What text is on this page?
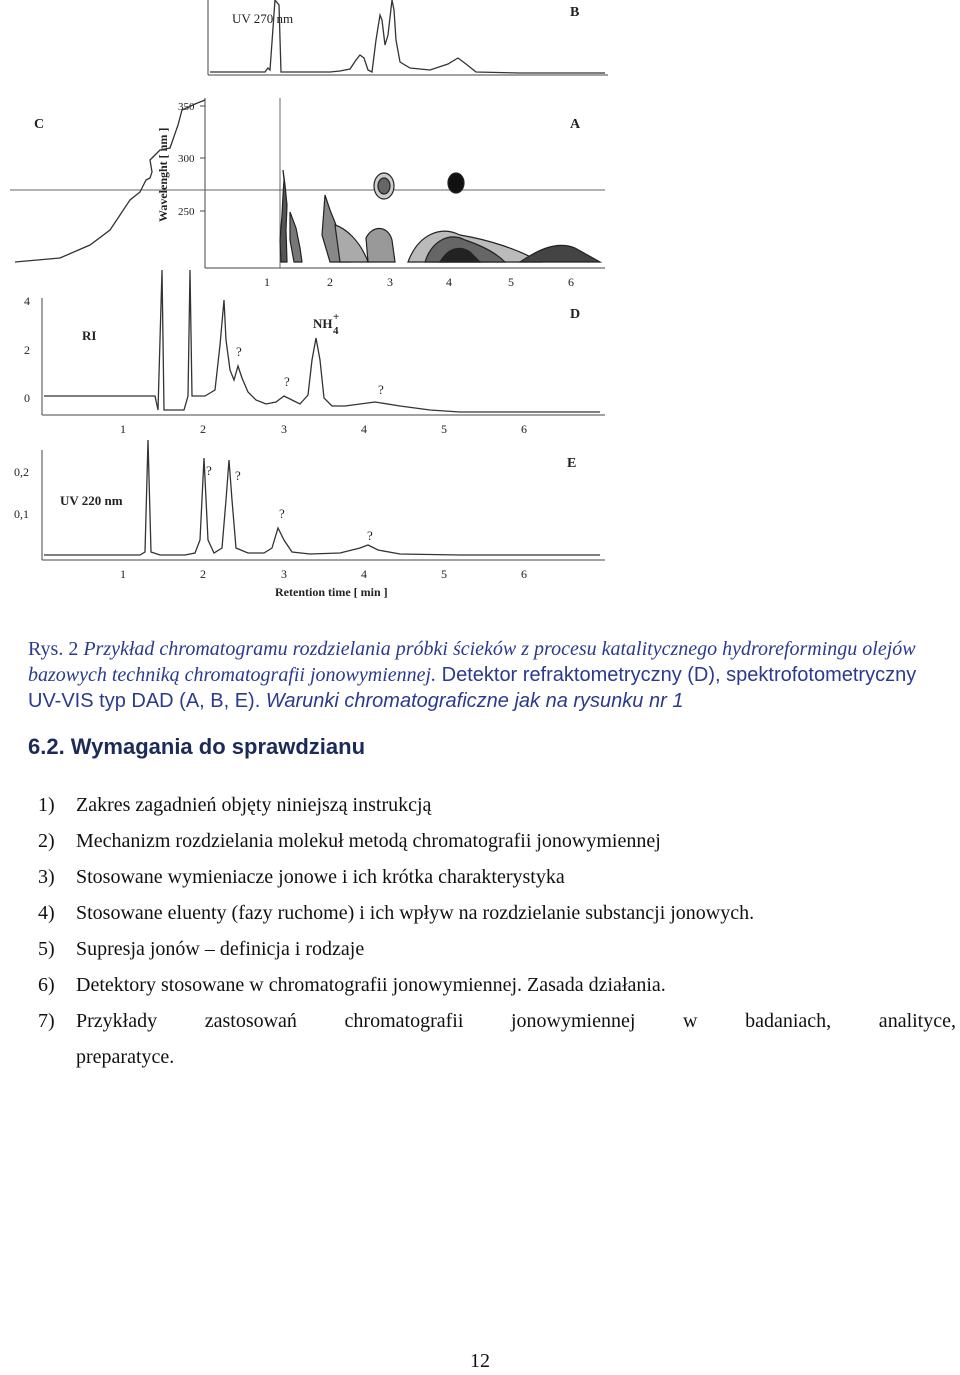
UV 270 nm	B
350
300
250
Wavelenght [ nm ]
A
C
1	2	3	4	5	6
4
2
0
RI
D
NH +
4
?
?
?
1	2	3	4	5	6
0,2
0,1
UV 220 nm
E
? ?
?
?
1	2	3	4	5	6
Retention time [ min ]
Rys. 2 Przykład chromatogramu rozdzielania próbki ścieków z procesu katalitycznego hydroreformingu olejów bazowych techniką chromatografii jonowymiennej. Detektor refraktometryczny (D), spektrofotometryczny UV-VIS typ DAD (A, B, E). Warunki chromatograficzne jak na rysunku nr 1
6.2. Wymagania do sprawdzianu
1)	Zakres zagadnień objęty niniejszą instrukcją
2)	Mechanizm rozdzielania molekuł metodą chromatografii jonowymiennej
3)	Stosowane wymieniacze jonowe i ich krótka charakterystyka
4)	Stosowane eluenty (fazy ruchome) i ich wpływ na rozdzielanie substancji jonowych.
5)	Supresja jonów – definicja i rodzaje
6)	Detektory stosowane w chromatografii jonowymiennej. Zasada działania.
7)	Przykłady zastosowań chromatografii jonowymiennej w badaniach, analityce,
preparatyce.
12
